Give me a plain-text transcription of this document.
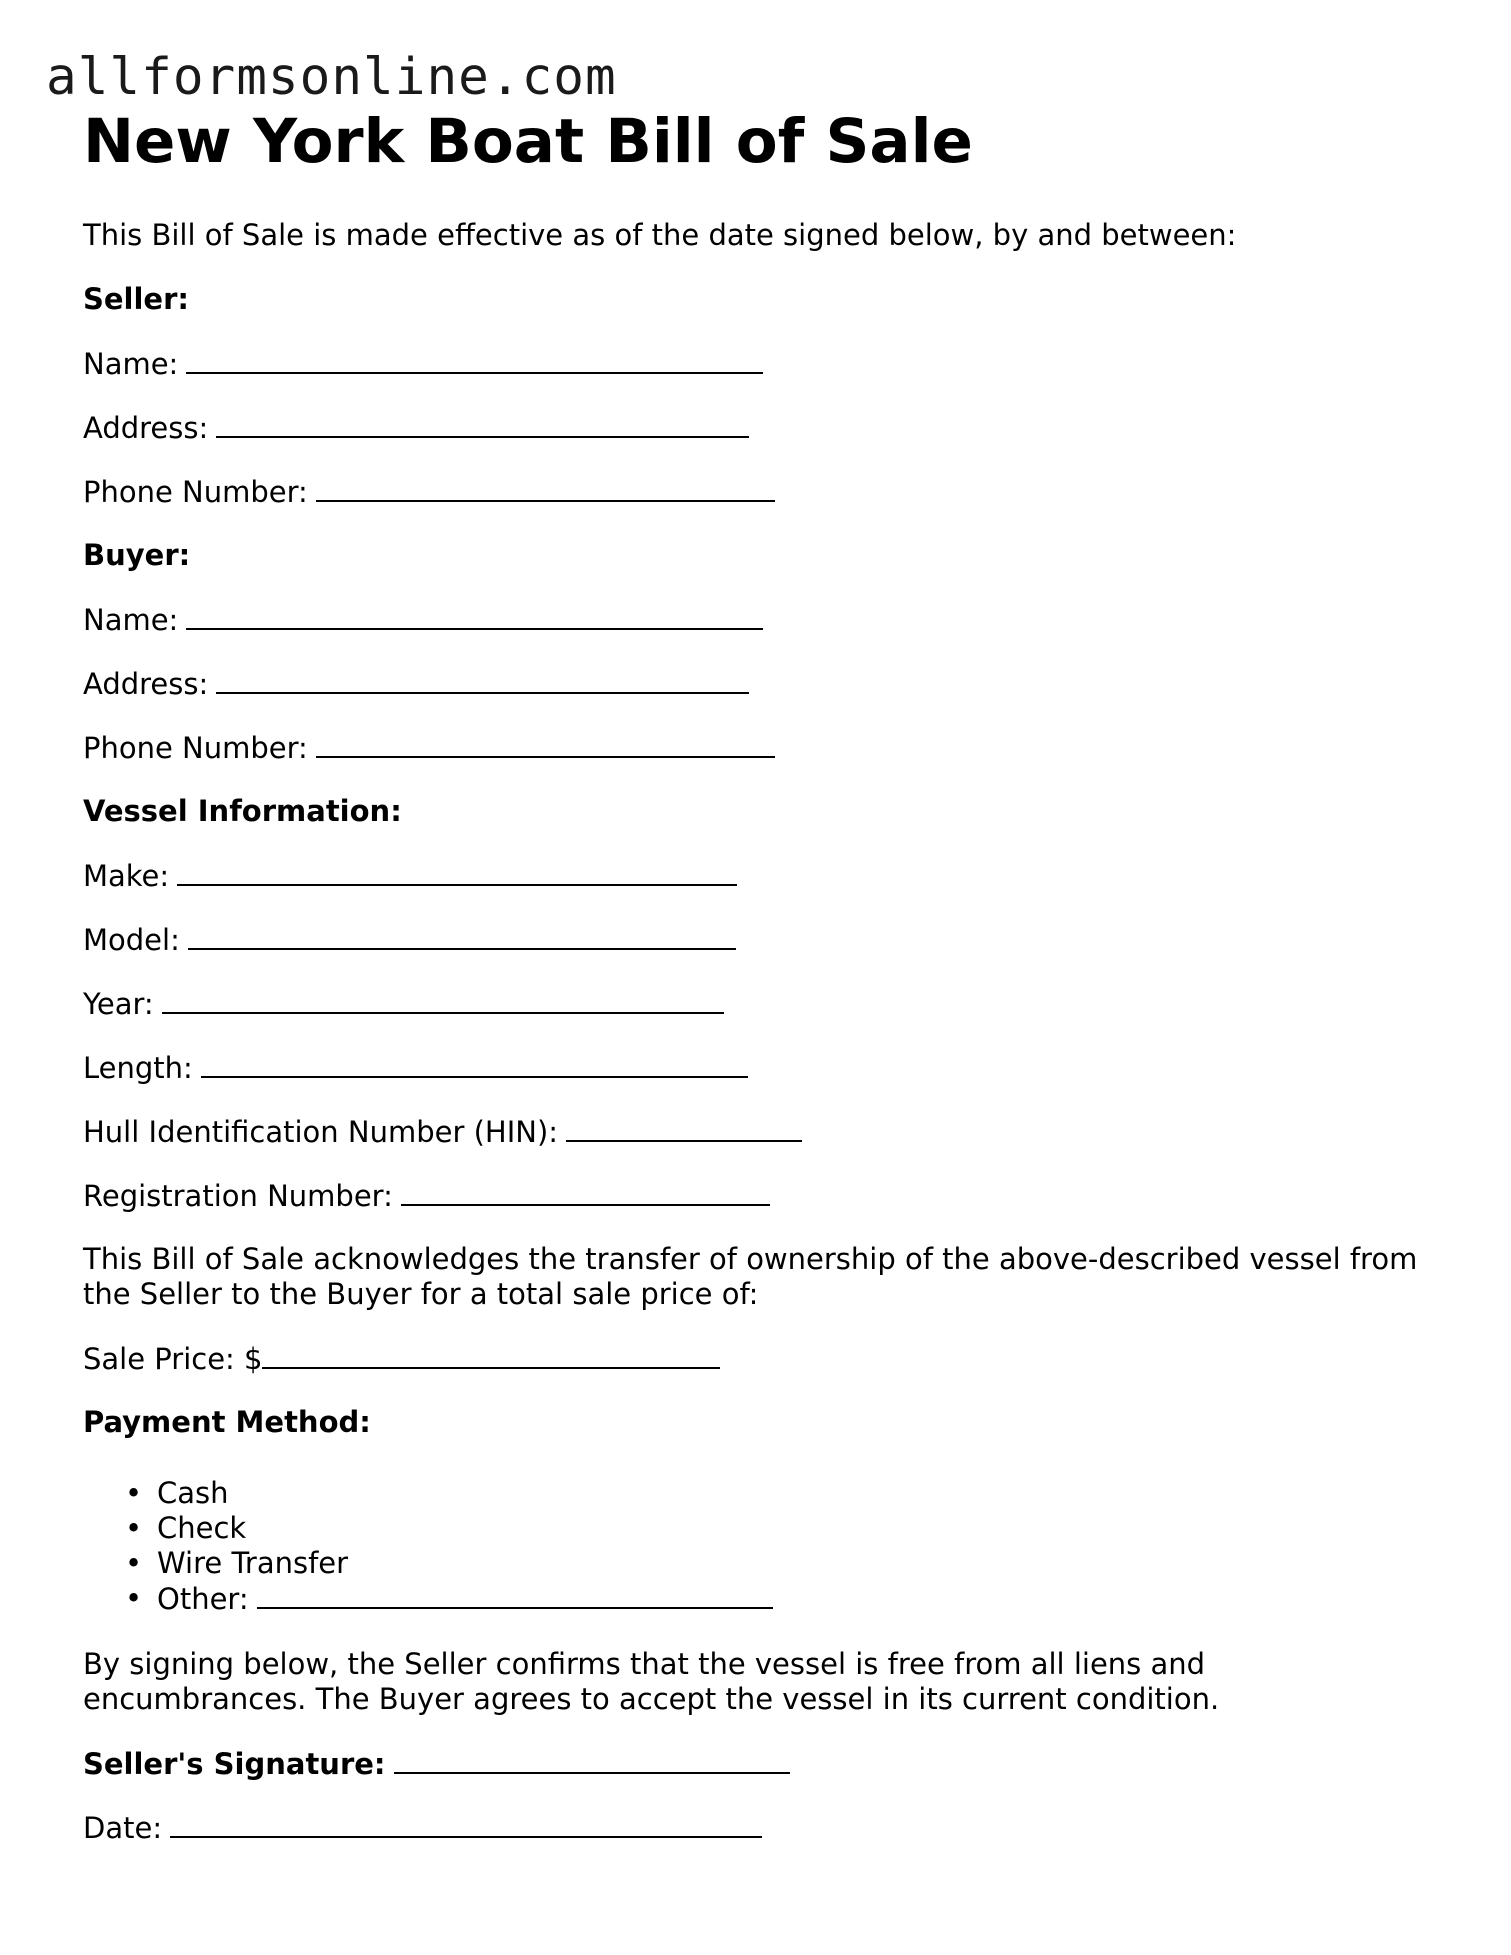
allformsonline.com
New York Boat Bill of Sale
This Bill of Sale is made effective as of the date signed below, by and between:
Seller:
Name:
Address:
Phone Number:
Buyer:
Name:
Address:
Phone Number:
Vessel Information:
Make:
Model:
Year:
Length:
Hull Identification Number (HIN):
Registration Number:

This Bill of Sale acknowledges the transfer of ownership of the above-described vessel from the Seller to the Buyer for a total sale price of:

Sale Price: $
Payment Method:
• Cash
• Check
• Wire Transfer
• Other:

By signing below, the Seller confirms that the vessel is free from all liens and encumbrances. The Buyer agrees to accept the vessel in its current condition.

Seller's Signature:
Date:
